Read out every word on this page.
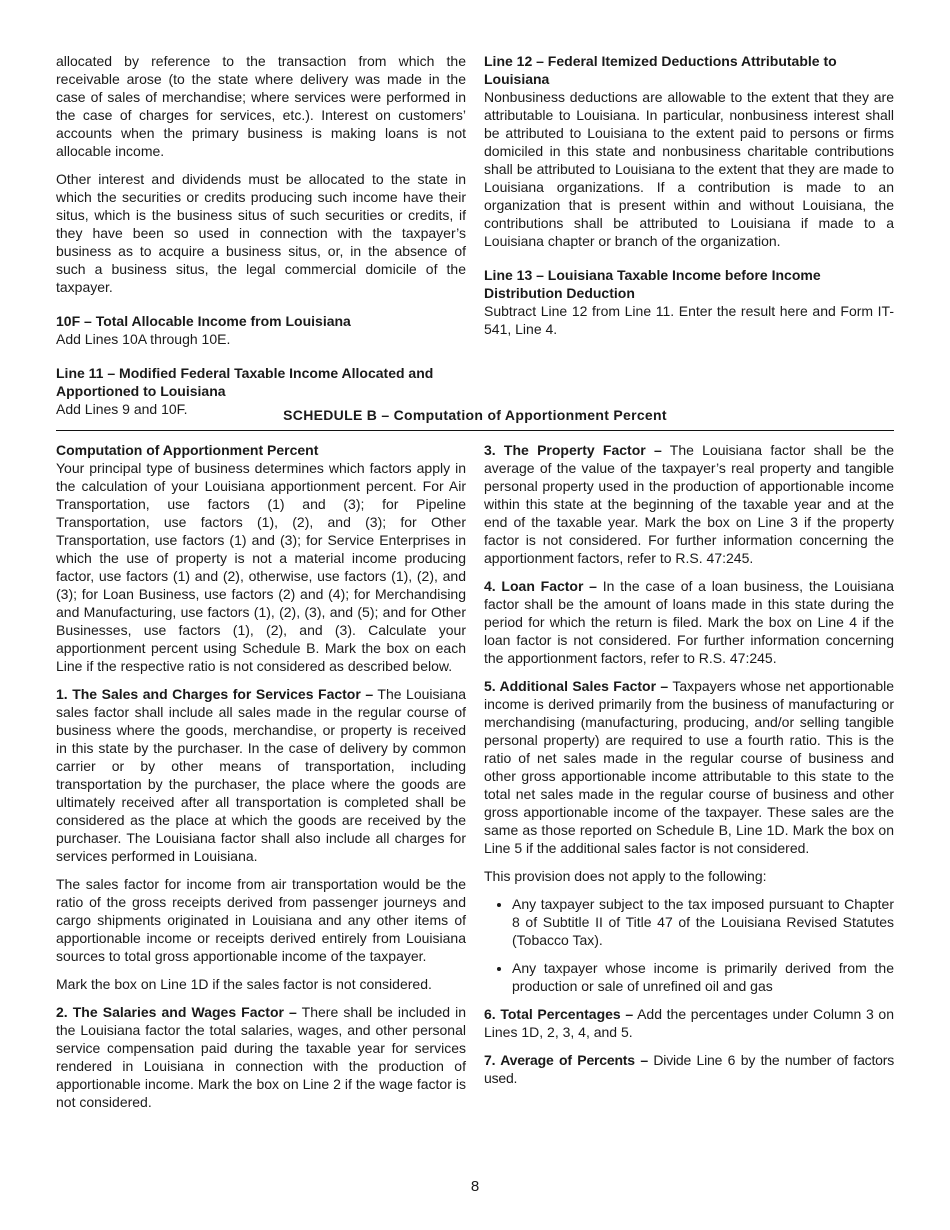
allocated by reference to the transaction from which the receivable arose (to the state where delivery was made in the case of sales of merchandise; where services were performed in the case of charges for services, etc.). Interest on customers’ accounts when the primary business is making loans is not allocable income.

Other interest and dividends must be allocated to the state in which the securities or credits producing such income have their situs, which is the business situs of such securities or credits, if they have been so used in connection with the taxpayer’s business as to acquire a business situs, or, in the absence of such a business situs, the legal commercial domicile of the taxpayer.

10F – Total Allocable Income from Louisiana
Add Lines 10A through 10E.
Line 11 – Modified Federal Taxable Income Allocated and Apportioned to Louisiana
Add Lines 9 and 10F.
Line 12 – Federal Itemized Deductions Attributable to Louisiana

Nonbusiness deductions are allowable to the extent that they are attributable to Louisiana. In particular, nonbusiness interest shall be attributed to Louisiana to the extent paid to persons or firms domiciled in this state and nonbusiness charitable contributions shall be attributed to Louisiana to the extent that they are made to Louisiana organizations. If a contribution is made to an organization that is present within and without Louisiana, the contributions shall be attributed to Louisiana if made to a Louisiana chapter or branch of the organization.

Line 13 – Louisiana Taxable Income before Income Distribution Deduction

Subtract Line 12 from Line 11. Enter the result here and Form IT-541, Line 4.

SCHEDULE B – Computation of Apportionment Percent
Computation of Apportionment Percent

Your principal type of business determines which factors apply in the calculation of your Louisiana apportionment percent. For Air Transportation, use factors (1) and (3); for Pipeline Transportation, use factors (1), (2), and (3); for Other Transportation, use factors (1) and (3); for Service Enterprises in which the use of property is not a material income producing factor, use factors (1) and (2), otherwise, use factors (1), (2), and (3); for Loan Business, use factors (2) and (4); for Merchandising and Manufacturing, use factors (1), (2), (3), and (5); and for Other Businesses, use factors (1), (2), and (3). Calculate your apportionment percent using Schedule B. Mark the box on each Line if the respective ratio is not considered as described below.

1. The Sales and Charges for Services Factor – The Louisiana sales factor shall include all sales made in the regular course of business where the goods, merchandise, or property is received in this state by the purchaser. In the case of delivery by common carrier or by other means of transportation, including transportation by the purchaser, the place where the goods are ultimately received after all transportation is completed shall be considered as the place at which the goods are received by the purchaser. The Louisiana factor shall also include all charges for services performed in Louisiana.

The sales factor for income from air transportation would be the ratio of the gross receipts derived from passenger journeys and cargo shipments originated in Louisiana and any other items of apportionable income or receipts derived entirely from Louisiana sources to total gross apportionable income of the taxpayer.

Mark the box on Line 1D if the sales factor is not considered.

2. The Salaries and Wages Factor – There shall be included in the Louisiana factor the total salaries, wages, and other personal service compensation paid during the taxable year for services rendered in Louisiana in connection with the production of apportionable income. Mark the box on Line 2 if the wage factor is not considered.

3. The Property Factor – The Louisiana factor shall be the average of the value of the taxpayer’s real property and tangible personal property used in the production of apportionable income within this state at the beginning of the taxable year and at the end of the taxable year. Mark the box on Line 3 if the property factor is not considered. For further information concerning the apportionment factors, refer to R.S. 47:245.

4. Loan Factor – In the case of a loan business, the Louisiana factor shall be the amount of loans made in this state during the period for which the return is filed. Mark the box on Line 4 if the loan factor is not considered. For further information concerning the apportionment factors, refer to R.S. 47:245.

5. Additional Sales Factor – Taxpayers whose net apportionable income is derived primarily from the business of manufacturing or merchandising (manufacturing, producing, and/or selling tangible personal property) are required to use a fourth ratio. This is the ratio of net sales made in the regular course of business and other gross apportionable income attributable to this state to the total net sales made in the regular course of business and other gross apportionable income of the taxpayer. These sales are the same as those reported on Schedule B, Line 1D. Mark the box on Line 5 if the additional sales factor is not considered.

This provision does not apply to the following:

• Any taxpayer subject to the tax imposed pursuant to Chapter 8 of Subtitle II of Title 47 of the Louisiana Revised Statutes (Tobacco Tax).
• Any taxpayer whose income is primarily derived from the production or sale of unrefined oil and gas

6. Total Percentages – Add the percentages under Column 3 on Lines 1D, 2, 3, 4, and 5.

7. Average of Percents – Divide Line 6 by the number of factors used.

8
